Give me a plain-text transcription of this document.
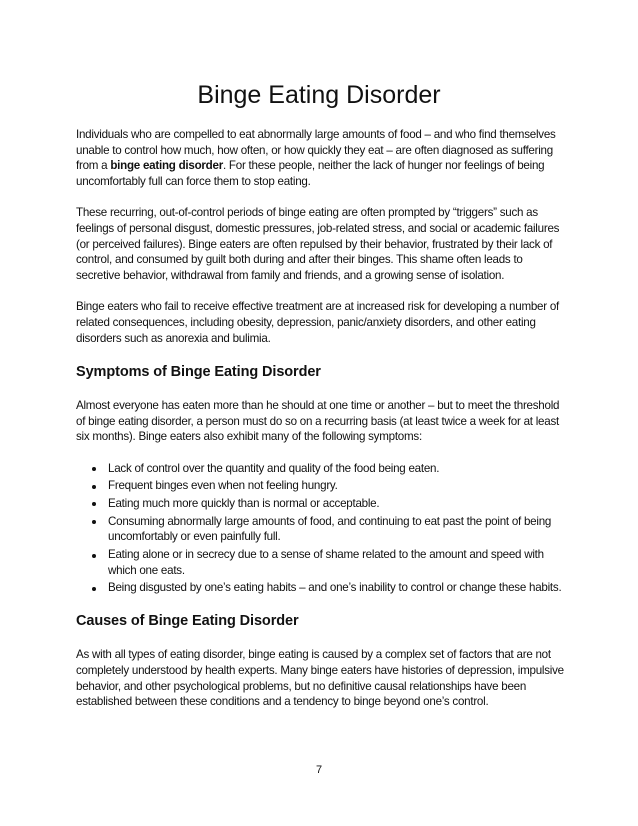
Binge Eating Disorder

Individuals who are compelled to eat abnormally large amounts of food – and who find themselves unable to control how much, how often, or how quickly they eat – are often diagnosed as suffering from a binge eating disorder. For these people, neither the lack of hunger nor feelings of being uncomfortably full can force them to stop eating.

These recurring, out-of-control periods of binge eating are often prompted by “triggers” such as feelings of personal disgust, domestic pressures, job-related stress, and social or academic failures (or perceived failures). Binge eaters are often repulsed by their behavior, frustrated by their lack of control, and consumed by guilt both during and after their binges. This shame often leads to secretive behavior, withdrawal from family and friends, and a growing sense of isolation.

Binge eaters who fail to receive effective treatment are at increased risk for developing a number of related consequences, including obesity, depression, panic/anxiety disorders, and other eating disorders such as anorexia and bulimia.

Symptoms of Binge Eating Disorder

Almost everyone has eaten more than he should at one time or another – but to meet the threshold of binge eating disorder, a person must do so on a recurring basis (at least twice a week for at least six months). Binge eaters also exhibit many of the following symptoms:

Lack of control over the quantity and quality of the food being eaten.
Frequent binges even when not feeling hungry.
Eating much more quickly than is normal or acceptable.
Consuming abnormally large amounts of food, and continuing to eat past the point of being uncomfortably or even painfully full.
Eating alone or in secrecy due to a sense of shame related to the amount and speed with which one eats.
Being disgusted by one’s eating habits – and one’s inability to control or change these habits.
Causes of Binge Eating Disorder

As with all types of eating disorder, binge eating is caused by a complex set of factors that are not completely understood by health experts. Many binge eaters have histories of depression, impulsive behavior, and other psychological problems, but no definitive causal relationships have been established between these conditions and a tendency to binge beyond one’s control.

7
